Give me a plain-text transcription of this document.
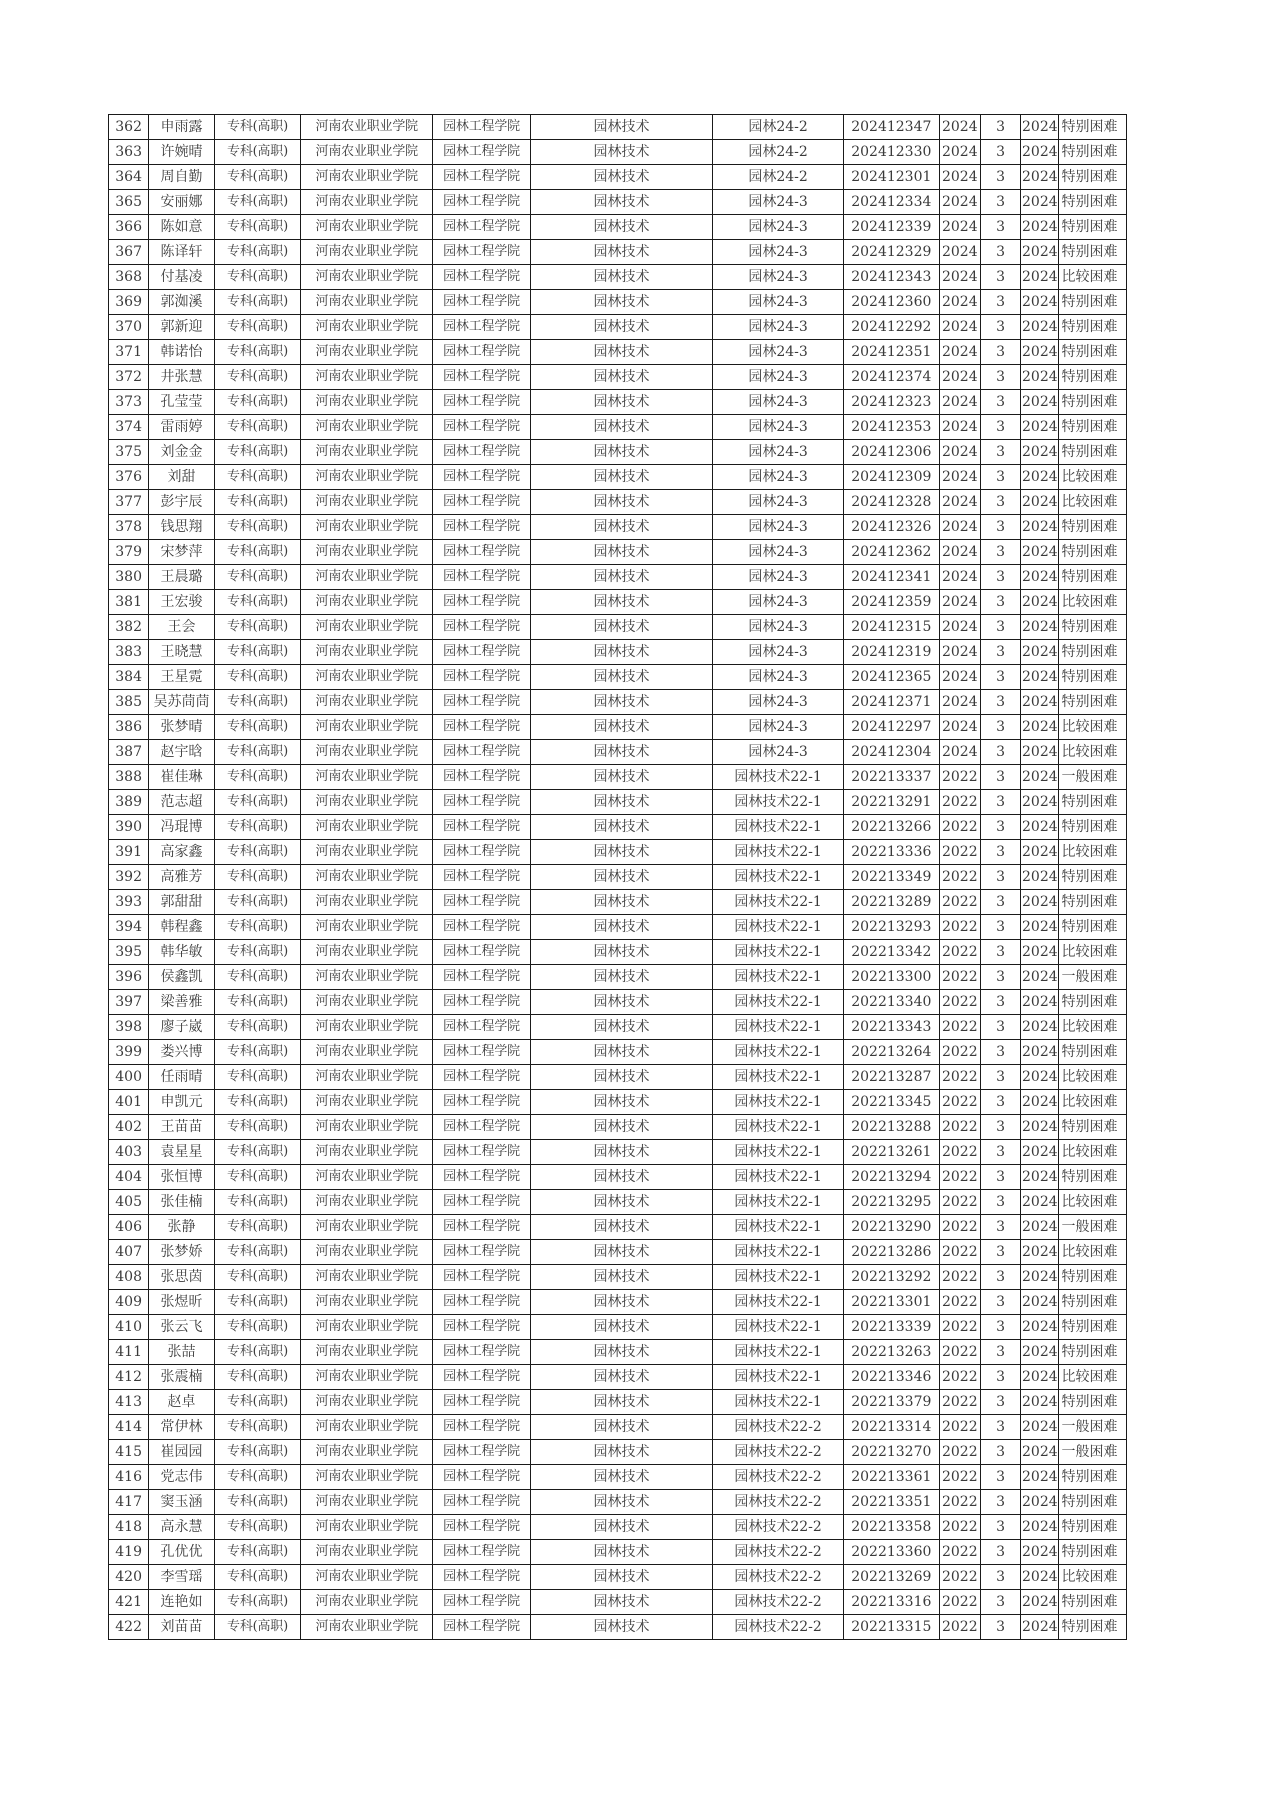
362	申雨露	专科(高职)	河南农业职业学院	园林工程学院	园林技术	园林24-2	202412347	2024	3	2024	特别困难
363	许婉晴	专科(高职)	河南农业职业学院	园林工程学院	园林技术	园林24-2	202412330	2024	3	2024	特别困难
364	周自勤	专科(高职)	河南农业职业学院	园林工程学院	园林技术	园林24-2	202412301	2024	3	2024	特别困难
365	安丽娜	专科(高职)	河南农业职业学院	园林工程学院	园林技术	园林24-3	202412334	2024	3	2024	特别困难
366	陈如意	专科(高职)	河南农业职业学院	园林工程学院	园林技术	园林24-3	202412339	2024	3	2024	特别困难
367	陈译轩	专科(高职)	河南农业职业学院	园林工程学院	园林技术	园林24-3	202412329	2024	3	2024	特别困难
368	付基凌	专科(高职)	河南农业职业学院	园林工程学院	园林技术	园林24-3	202412343	2024	3	2024	比较困难
369	郭洳溪	专科(高职)	河南农业职业学院	园林工程学院	园林技术	园林24-3	202412360	2024	3	2024	特别困难
370	郭新迎	专科(高职)	河南农业职业学院	园林工程学院	园林技术	园林24-3	202412292	2024	3	2024	特别困难
371	韩诺怡	专科(高职)	河南农业职业学院	园林工程学院	园林技术	园林24-3	202412351	2024	3	2024	特别困难
372	井张慧	专科(高职)	河南农业职业学院	园林工程学院	园林技术	园林24-3	202412374	2024	3	2024	特别困难
373	孔莹莹	专科(高职)	河南农业职业学院	园林工程学院	园林技术	园林24-3	202412323	2024	3	2024	特别困难
374	雷雨婷	专科(高职)	河南农业职业学院	园林工程学院	园林技术	园林24-3	202412353	2024	3	2024	特别困难
375	刘金金	专科(高职)	河南农业职业学院	园林工程学院	园林技术	园林24-3	202412306	2024	3	2024	特别困难
376	刘甜	专科(高职)	河南农业职业学院	园林工程学院	园林技术	园林24-3	202412309	2024	3	2024	比较困难
377	彭宇辰	专科(高职)	河南农业职业学院	园林工程学院	园林技术	园林24-3	202412328	2024	3	2024	比较困难
378	钱思翔	专科(高职)	河南农业职业学院	园林工程学院	园林技术	园林24-3	202412326	2024	3	2024	特别困难
379	宋梦萍	专科(高职)	河南农业职业学院	园林工程学院	园林技术	园林24-3	202412362	2024	3	2024	特别困难
380	王晨璐	专科(高职)	河南农业职业学院	园林工程学院	园林技术	园林24-3	202412341	2024	3	2024	特别困难
381	王宏骏	专科(高职)	河南农业职业学院	园林工程学院	园林技术	园林24-3	202412359	2024	3	2024	比较困难
382	王会	专科(高职)	河南农业职业学院	园林工程学院	园林技术	园林24-3	202412315	2024	3	2024	特别困难
383	王晓慧	专科(高职)	河南农业职业学院	园林工程学院	园林技术	园林24-3	202412319	2024	3	2024	特别困难
384	王星霓	专科(高职)	河南农业职业学院	园林工程学院	园林技术	园林24-3	202412365	2024	3	2024	特别困难
385	吴苏茼茼	专科(高职)	河南农业职业学院	园林工程学院	园林技术	园林24-3	202412371	2024	3	2024	特别困难
386	张梦晴	专科(高职)	河南农业职业学院	园林工程学院	园林技术	园林24-3	202412297	2024	3	2024	比较困难
387	赵宇晗	专科(高职)	河南农业职业学院	园林工程学院	园林技术	园林24-3	202412304	2024	3	2024	比较困难
388	崔佳琳	专科(高职)	河南农业职业学院	园林工程学院	园林技术	园林技术22-1	202213337	2022	3	2024	一般困难
389	范志超	专科(高职)	河南农业职业学院	园林工程学院	园林技术	园林技术22-1	202213291	2022	3	2024	特别困难
390	冯琨博	专科(高职)	河南农业职业学院	园林工程学院	园林技术	园林技术22-1	202213266	2022	3	2024	特别困难
391	高家鑫	专科(高职)	河南农业职业学院	园林工程学院	园林技术	园林技术22-1	202213336	2022	3	2024	比较困难
392	高雅芳	专科(高职)	河南农业职业学院	园林工程学院	园林技术	园林技术22-1	202213349	2022	3	2024	特别困难
393	郭甜甜	专科(高职)	河南农业职业学院	园林工程学院	园林技术	园林技术22-1	202213289	2022	3	2024	特别困难
394	韩程鑫	专科(高职)	河南农业职业学院	园林工程学院	园林技术	园林技术22-1	202213293	2022	3	2024	特别困难
395	韩华敏	专科(高职)	河南农业职业学院	园林工程学院	园林技术	园林技术22-1	202213342	2022	3	2024	比较困难
396	侯鑫凯	专科(高职)	河南农业职业学院	园林工程学院	园林技术	园林技术22-1	202213300	2022	3	2024	一般困难
397	梁善雅	专科(高职)	河南农业职业学院	园林工程学院	园林技术	园林技术22-1	202213340	2022	3	2024	特别困难
398	廖子崴	专科(高职)	河南农业职业学院	园林工程学院	园林技术	园林技术22-1	202213343	2022	3	2024	比较困难
399	娄兴博	专科(高职)	河南农业职业学院	园林工程学院	园林技术	园林技术22-1	202213264	2022	3	2024	特别困难
400	任雨晴	专科(高职)	河南农业职业学院	园林工程学院	园林技术	园林技术22-1	202213287	2022	3	2024	比较困难
401	申凯元	专科(高职)	河南农业职业学院	园林工程学院	园林技术	园林技术22-1	202213345	2022	3	2024	比较困难
402	王苗苗	专科(高职)	河南农业职业学院	园林工程学院	园林技术	园林技术22-1	202213288	2022	3	2024	特别困难
403	袁星星	专科(高职)	河南农业职业学院	园林工程学院	园林技术	园林技术22-1	202213261	2022	3	2024	比较困难
404	张恒博	专科(高职)	河南农业职业学院	园林工程学院	园林技术	园林技术22-1	202213294	2022	3	2024	特别困难
405	张佳楠	专科(高职)	河南农业职业学院	园林工程学院	园林技术	园林技术22-1	202213295	2022	3	2024	比较困难
406	张静	专科(高职)	河南农业职业学院	园林工程学院	园林技术	园林技术22-1	202213290	2022	3	2024	一般困难
407	张梦娇	专科(高职)	河南农业职业学院	园林工程学院	园林技术	园林技术22-1	202213286	2022	3	2024	比较困难
408	张思茵	专科(高职)	河南农业职业学院	园林工程学院	园林技术	园林技术22-1	202213292	2022	3	2024	特别困难
409	张煜昕	专科(高职)	河南农业职业学院	园林工程学院	园林技术	园林技术22-1	202213301	2022	3	2024	特别困难
410	张云飞	专科(高职)	河南农业职业学院	园林工程学院	园林技术	园林技术22-1	202213339	2022	3	2024	特别困难
411	张喆	专科(高职)	河南农业职业学院	园林工程学院	园林技术	园林技术22-1	202213263	2022	3	2024	特别困难
412	张震楠	专科(高职)	河南农业职业学院	园林工程学院	园林技术	园林技术22-1	202213346	2022	3	2024	比较困难
413	赵卓	专科(高职)	河南农业职业学院	园林工程学院	园林技术	园林技术22-1	202213379	2022	3	2024	特别困难
414	常伊林	专科(高职)	河南农业职业学院	园林工程学院	园林技术	园林技术22-2	202213314	2022	3	2024	一般困难
415	崔园园	专科(高职)	河南农业职业学院	园林工程学院	园林技术	园林技术22-2	202213270	2022	3	2024	一般困难
416	党志伟	专科(高职)	河南农业职业学院	园林工程学院	园林技术	园林技术22-2	202213361	2022	3	2024	特别困难
417	窦玉涵	专科(高职)	河南农业职业学院	园林工程学院	园林技术	园林技术22-2	202213351	2022	3	2024	特别困难
418	高永慧	专科(高职)	河南农业职业学院	园林工程学院	园林技术	园林技术22-2	202213358	2022	3	2024	特别困难
419	孔优优	专科(高职)	河南农业职业学院	园林工程学院	园林技术	园林技术22-2	202213360	2022	3	2024	特别困难
420	李雪瑶	专科(高职)	河南农业职业学院	园林工程学院	园林技术	园林技术22-2	202213269	2022	3	2024	比较困难
421	连艳如	专科(高职)	河南农业职业学院	园林工程学院	园林技术	园林技术22-2	202213316	2022	3	2024	特别困难
422	刘苗苗	专科(高职)	河南农业职业学院	园林工程学院	园林技术	园林技术22-2	202213315	2022	3	2024	特别困难
